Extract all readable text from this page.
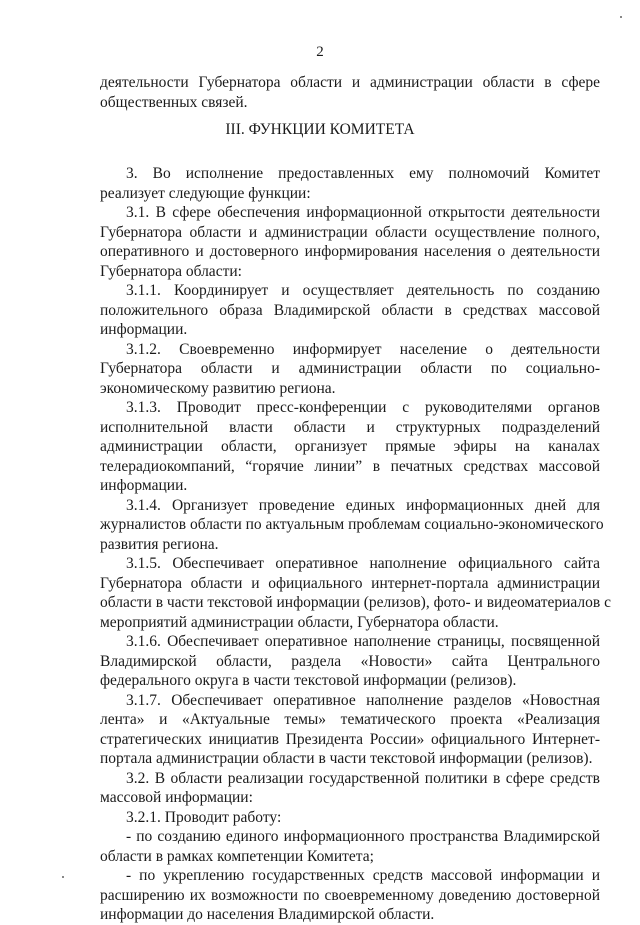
2
деятельности Губернатора области и администрации области в сфере
общественных связей.
III. ФУНКЦИИ КОМИТЕТА
3. Во исполнение предоставленных ему полномочий Комитет
реализует следующие функции:
3.1. В сфере обеспечения информационной открытости деятельности
Губернатора области и администрации области осуществление полного,
оперативного и достоверного информирования населения о деятельности
Губернатора области:
3.1.1. Координирует и осуществляет деятельность по созданию
положительного образа Владимирской области в средствах массовой
информации.
3.1.2. Своевременно информирует население о деятельности
Губернатора области и администрации области по социально-
экономическому развитию региона.
3.1.3. Проводит пресс-конференции с руководителями органов
исполнительной власти области и структурных подразделений
администрации области, организует прямые эфиры на каналах
телерадиокомпаний, “горячие линии” в печатных средствах массовой
информации.
3.1.4. Организует проведение единых информационных дней для
журналистов области по актуальным проблемам социально-экономического
развития региона.
3.1.5. Обеспечивает оперативное наполнение официального сайта
Губернатора области и официального интернет-портала администрации
области в части текстовой информации (релизов), фото- и видеоматериалов с
мероприятий администрации области, Губернатора области.
3.1.6. Обеспечивает оперативное наполнение страницы, посвященной
Владимирской области, раздела «Новости» сайта Центрального
федерального округа в части текстовой информации (релизов).
3.1.7. Обеспечивает оперативное наполнение разделов «Новостная
лента» и «Актуальные темы» тематического проекта «Реализация
стратегических инициатив Президента России» официального Интернет-
портала администрации области в части текстовой информации (релизов).
3.2. В области реализации государственной политики в сфере средств
массовой информации:
3.2.1. Проводит работу:
- по созданию единого информационного пространства Владимирской
области в рамках компетенции Комитета;
- по укреплению государственных средств массовой информации и
расширению их возможности по своевременному доведению достоверной
информации до населения Владимирской области.
